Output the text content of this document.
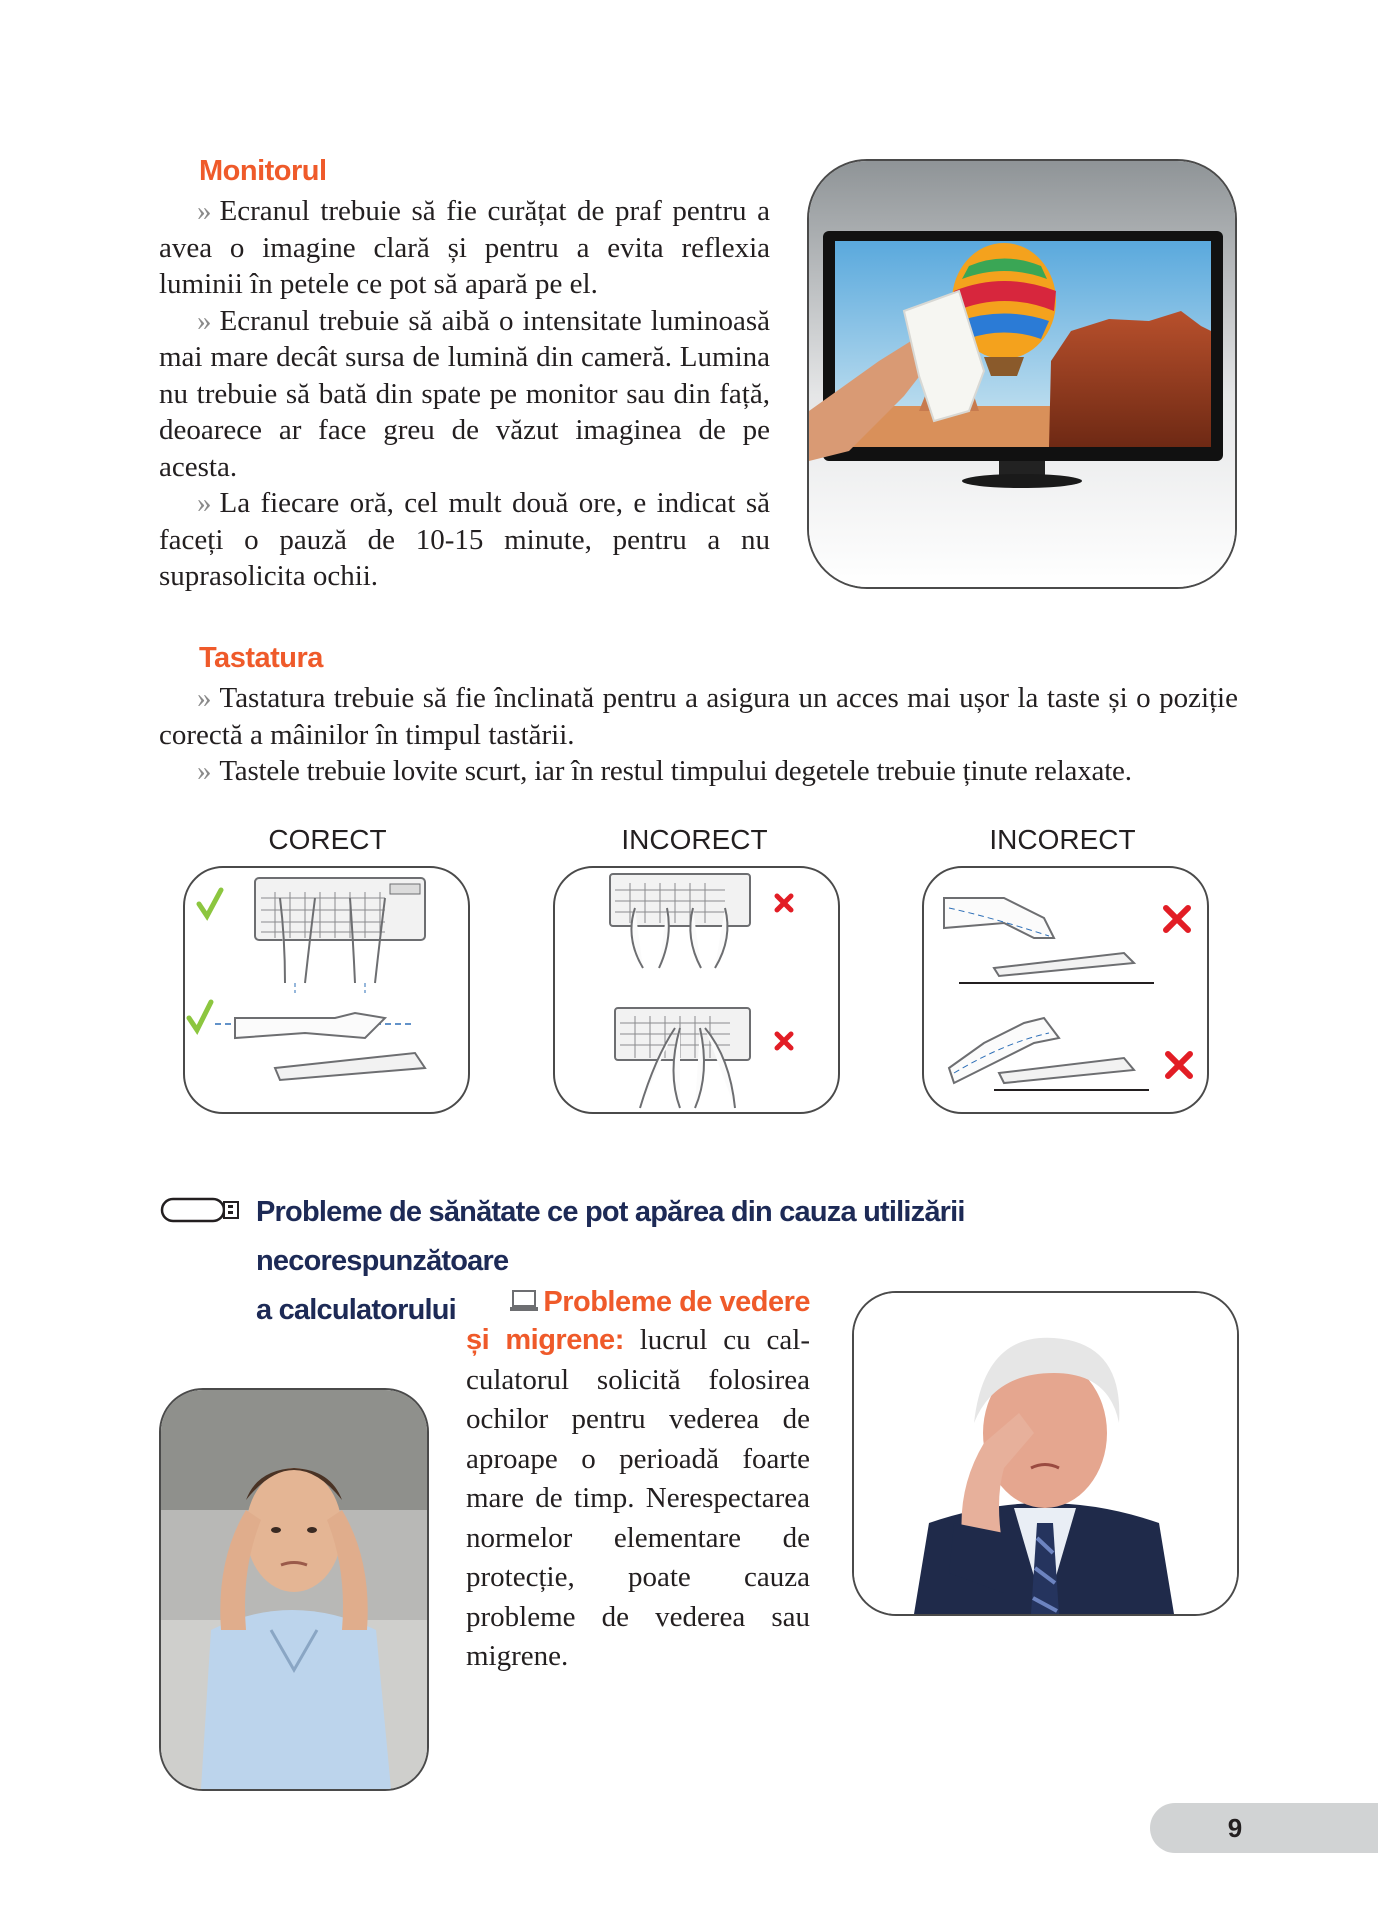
Monitorul

» Ecranul trebuie să fie curățat de praf pentru a avea o imagine clară și pentru a evita reflexia luminii în petele ce pot să apară pe el.

» Ecranul trebuie să aibă o intensitate luminoasă mai mare decât sursa de lumină din cameră. Lumina nu trebuie să bată din spate pe monitor sau din față, deoarece ar face greu de văzut imaginea de pe acesta.

» La fiecare oră, cel mult două ore, e indicat să faceți o pauză de 10-15 minute, pentru a nu suprasolicita ochii.

Tastatura

» Tastatura trebuie să fie înclinată pentru a asigura un acces mai ușor la taste și o poziție corectă a mâinilor în timpul tastării.

» Tastele trebuie lovite scurt, iar în restul timpului degetele trebuie ținute relaxate.

CORECT	INCORECT	INCORECT
Probleme de sănătate ce pot apărea din cauza utilizării necorespunzătoare
a calculatorului	Probleme de vedere

și migrene: lucrul cu calculatorul solicită folosirea ochilor pentru vederea de aproape o perioadă foarte mare de timp. Nerespectarea normelor elementare de protecție, poate cauza probleme de vederea sau migrene.

9
